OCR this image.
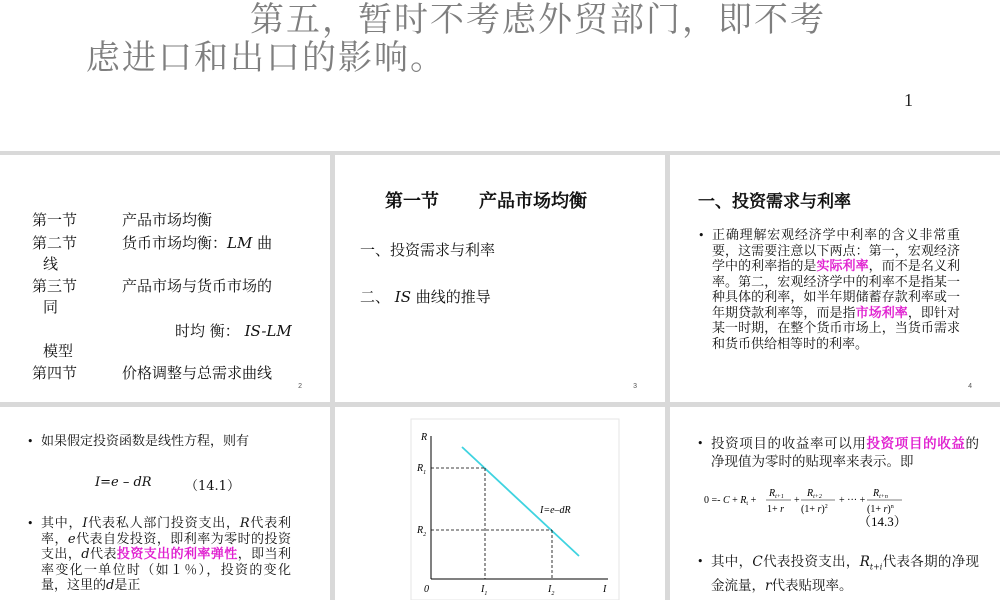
第五，暂时不考虑外贸部门，即不考
虑进口和出口的影响。
1
第一节	产品市场均衡
第二节	货币市场均衡：LM 曲
线
第三节	产品市场与货币市场的
同
时均 衡： IS-LM
模型
第四节	价格调整与总需求曲线
2
第一节 产品市场均衡
一、投资需求与利率
二、 IS 曲线的推导
3
一、投资需求与利率
• 正确理解宏观经济学中利率的含义非常重要，这需要注意以下两点：第一，宏观经济学中的利率指的是实际利率，而不是名义利率。第二，宏观经济学中的利率不是指某一种具体的利率，如半年期储蓄存款利率或一年期贷款利率等，而是指市场利率，即针对某一时期，在整个货币市场上，当货币需求和货币供给相等时的利率。
4
• 如果假定投资函数是线性方程，则有
I=e – dR	（14.1）
• 其中，I代表私人部门投资支出，R代表利率，e代表自发投资，即利率为零时的投资支出，d代表投资支出的利率弹性，即当利率变化一单位时（如１％），投资的变化量，这里的d是正
R
$R_1$
$R_2$
0	$I_1$	$I_2$	I
I=e–dR
• 投资项目的收益率可以用投资项目的收益的净现值为零时的贴现率来表示。即
$0 =- C + R_t$ +
$R_{t+1}$
1+ r
+
$R_{t+2}$
$(1+ r)^2$
+ ··· +
$R_{t+n}$
$(1+ r)^n$
（14.3）
• 其中，C代表投资支出，$R_{t+i}$代表各期的净现金流量，r代表贴现率。
